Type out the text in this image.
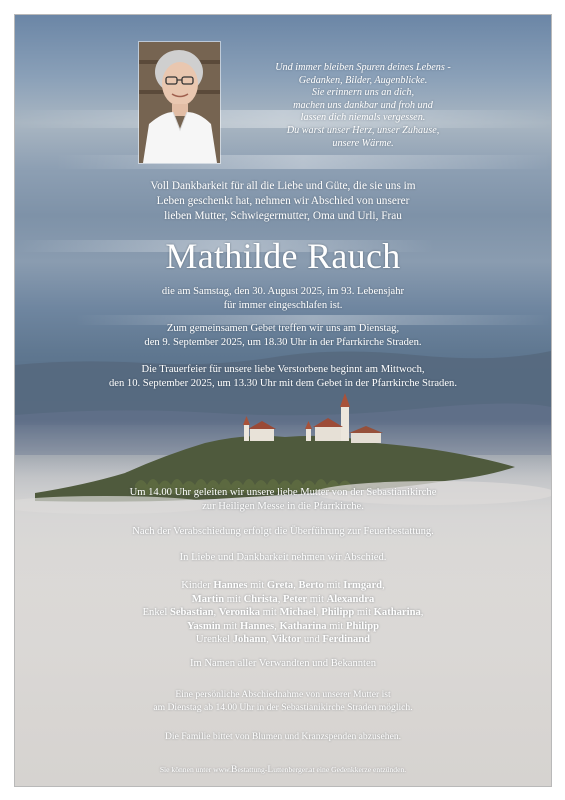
Und immer bleiben Spuren deines Lebens -
Gedanken, Bilder, Augenblicke.
Sie erinnern uns an dich,
machen uns dankbar und froh und
lassen dich niemals vergessen.
Du warst unser Herz, unser Zuhause,
unsere Wärme.
Voll Dankbarkeit für all die Liebe und Güte, die sie uns im
Leben geschenkt hat, nehmen wir Abschied von unserer
lieben Mutter, Schwiegermutter, Oma und Urli, Frau
Mathilde Rauch
die am Samstag, den 30. August 2025, im 93. Lebensjahr
für immer eingeschlafen ist.
Zum gemeinsamen Gebet treffen wir uns am Dienstag,
den 9. September 2025, um 18.30 Uhr in der Pfarrkirche Straden.
Die Trauerfeier für unsere liebe Verstorbene beginnt am Mittwoch,
den 10. September 2025, um 13.30 Uhr mit dem Gebet in der Pfarrkirche Straden.
Um 14.00 Uhr geleiten wir unsere liebe Mutter von der Sebastianikirche
zur Heiligen Messe in die Pfarrkirche.
Nach der Verabschiedung erfolgt die Überführung zur Feuerbestattung.
In Liebe und Dankbarkeit nehmen wir Abschied.
Kinder Hannes mit Greta, Berto mit Irmgard,
Martin mit Christa, Peter mit Alexandra
Enkel Sebastian, Veronika mit Michael, Philipp mit Katharina,
Yasmin mit Hannes, Katharina mit Philipp
Urenkel Johann, Viktor und Ferdinand
Im Namen aller Verwandten und Bekannten
Eine persönliche Abschiednahme von unserer Mutter ist
am Dienstag ab 14.00 Uhr in der Sebastianikirche Straden möglich.
Die Familie bittet von Blumen und Kranzspenden abzusehen.
Sie können unter www.Bestattung-Luttenberger.at eine Gedenkkerze entzünden.
